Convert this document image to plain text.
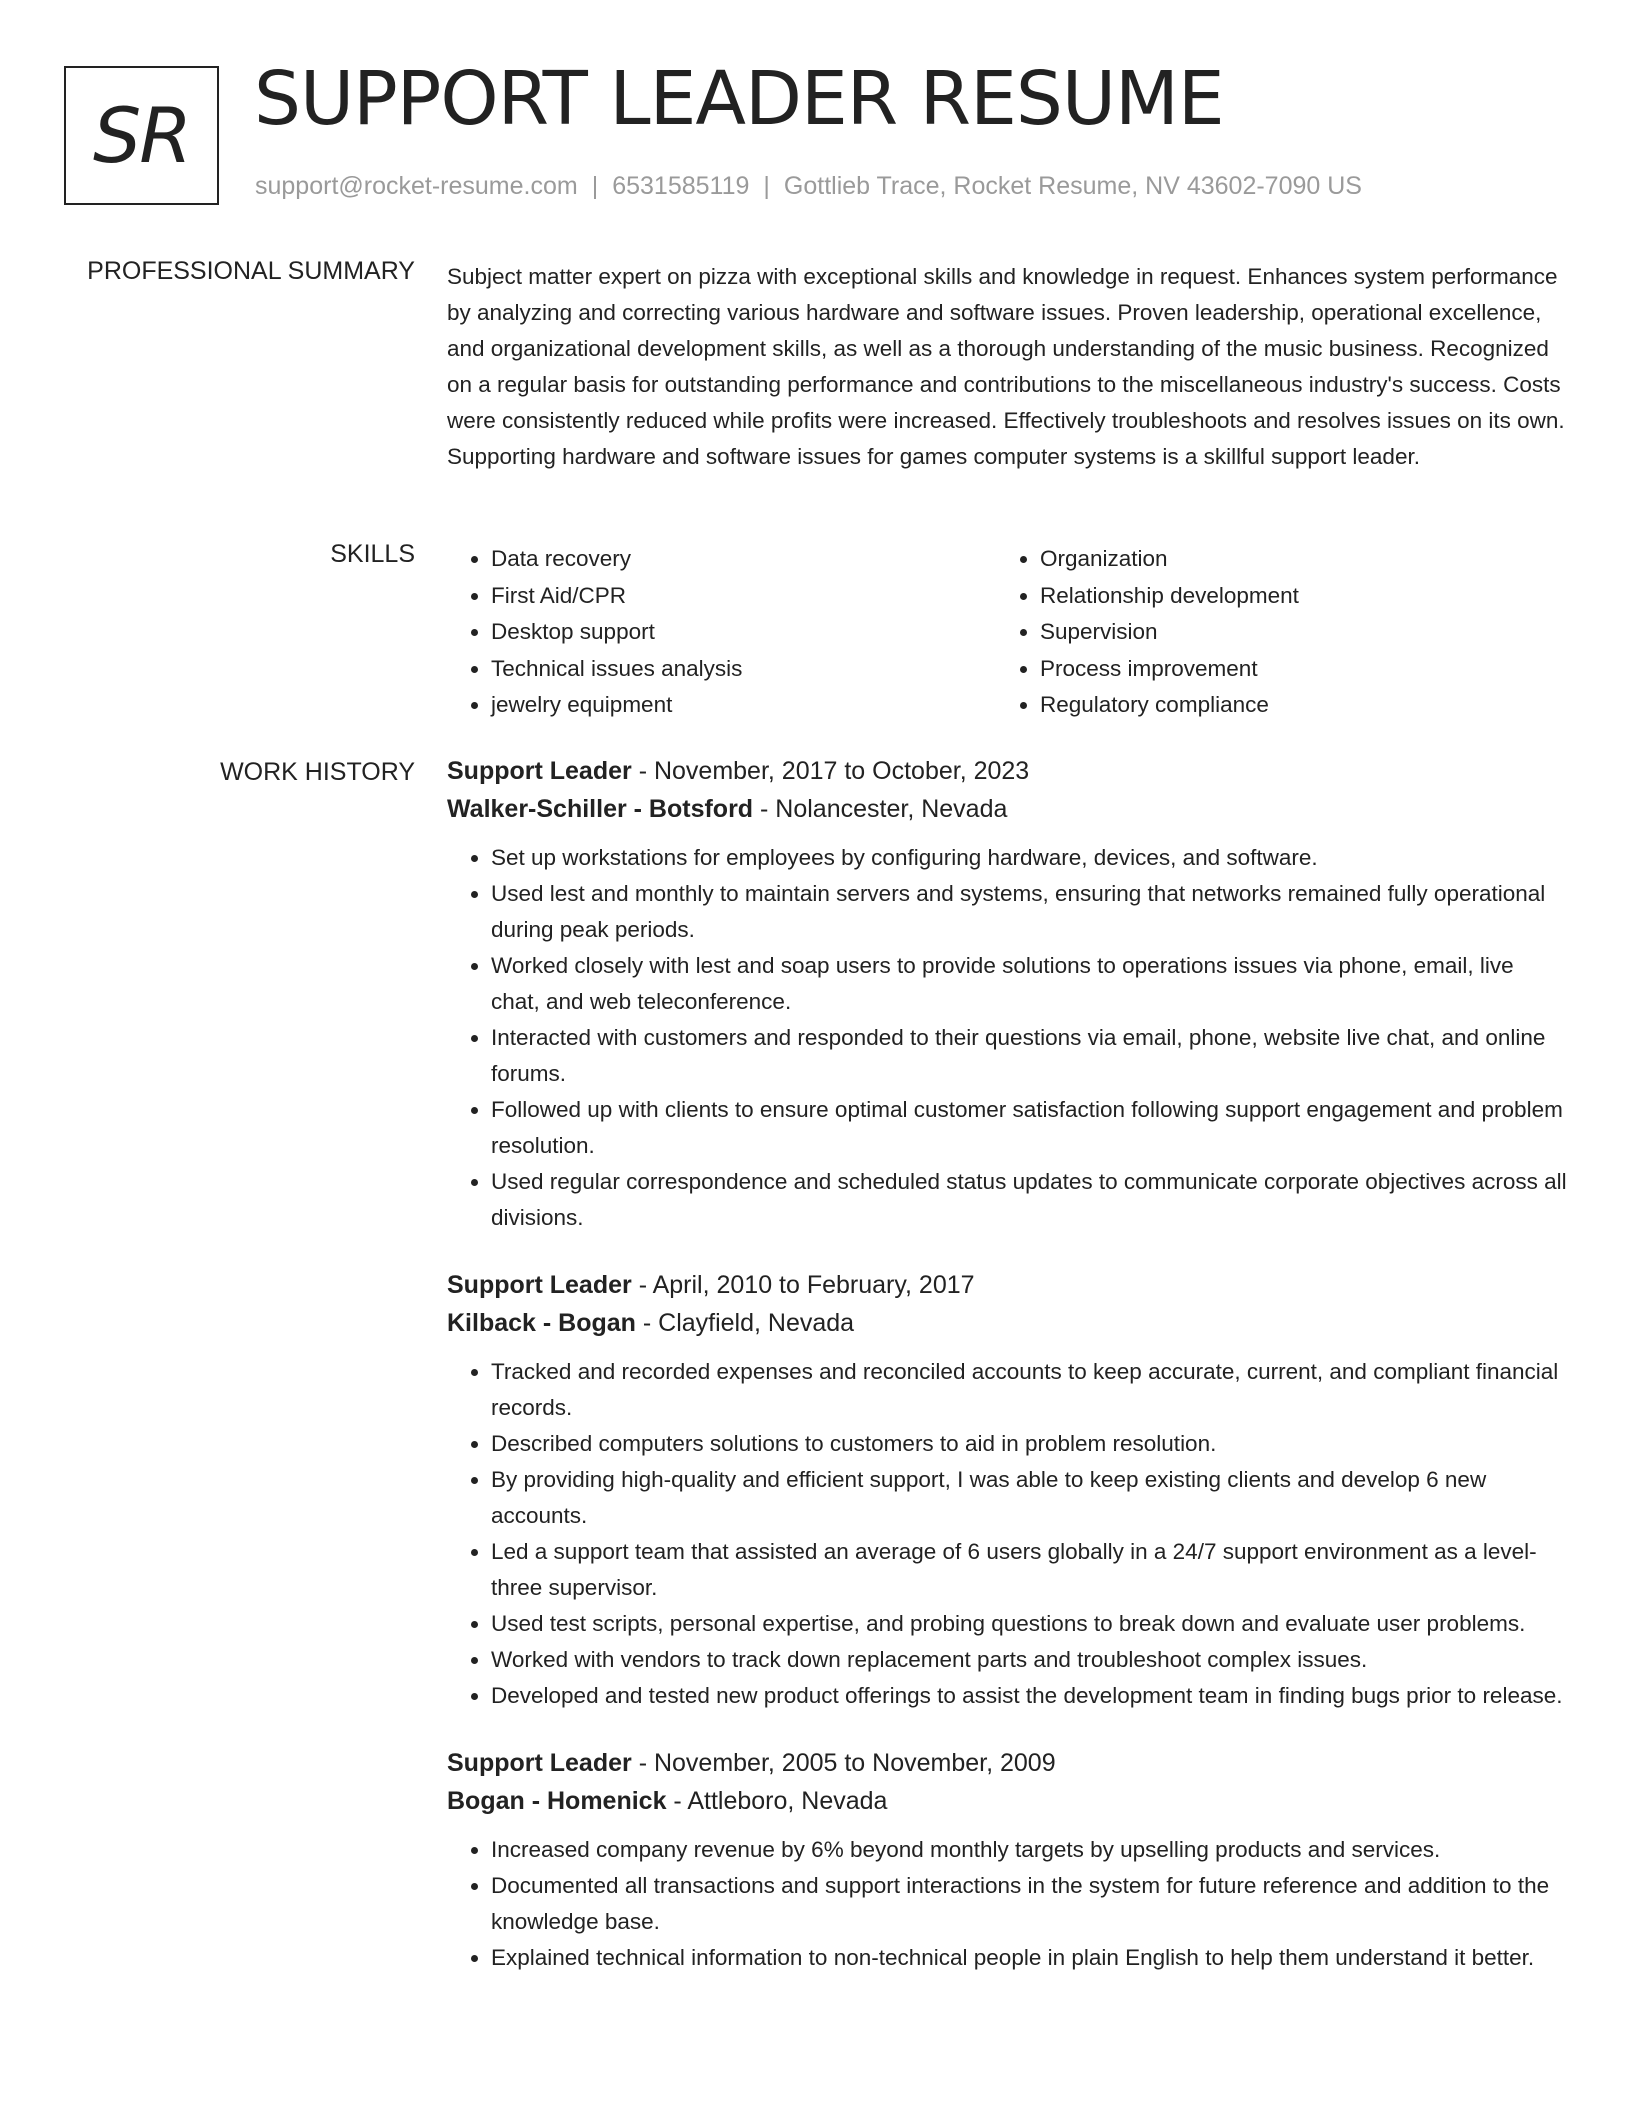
SR SUPPORT LEADER RESUME
support@rocket-resume.com | 6531585119 | Gottlieb Trace, Rocket Resume, NV 43602-7090 US
PROFESSIONAL SUMMARY Subject matter expert on pizza with exceptional skills and knowledge in request. Enhances system performance by analyzing and correcting various hardware and software issues. Proven leadership, operational excellence, and organizational development skills, as well as a thorough understanding of the music business. Recognized on a regular basis for outstanding performance and contributions to the miscellaneous industry's success. Costs were consistently reduced while profits were increased. Effectively troubleshoots and resolves issues on its own. Supporting hardware and software issues for games computer systems is a skillful support leader.

SKILLS
•	Data recovery
• First Aid/CPR
• Desktop support
• Technical issues analysis
• jewelry equipment
• Organization
• Relationship development
• Supervision
• Process improvement
• Regulatory compliance
WORK HISTORY Support Leader - November, 2017 to October, 2023
Walker-Schiller - Botsford - Nolancester, Nevada
• Set up workstations for employees by configuring hardware, devices, and software.
• Used lest and monthly to maintain servers and systems, ensuring that networks remained fully operational during peak periods.
• Worked closely with lest and soap users to provide solutions to operations issues via phone, email, live chat, and web teleconference.
• Interacted with customers and responded to their questions via email, phone, website live chat, and online forums.
• Followed up with clients to ensure optimal customer satisfaction following support engagement and problem resolution.
• Used regular correspondence and scheduled status updates to communicate corporate objectives across all divisions.
Support Leader - April, 2010 to February, 2017
Kilback - Bogan - Clayfield, Nevada
• Tracked and recorded expenses and reconciled accounts to keep accurate, current, and compliant financial records.
• Described computers solutions to customers to aid in problem resolution.
• By providing high-quality and efficient support, I was able to keep existing clients and develop 6 new accounts.
• Led a support team that assisted an average of 6 users globally in a 24/7 support environment as a level-three supervisor.
• Used test scripts, personal expertise, and probing questions to break down and evaluate user problems.
• Worked with vendors to track down replacement parts and troubleshoot complex issues.
• Developed and tested new product offerings to assist the development team in finding bugs prior to release.
Support Leader - November, 2005 to November, 2009
Bogan - Homenick - Attleboro, Nevada
• Increased company revenue by 6% beyond monthly targets by upselling products and services.
• Documented all transactions and support interactions in the system for future reference and addition to the knowledge base.
• Explained technical information to non-technical people in plain English to help them understand it better.
